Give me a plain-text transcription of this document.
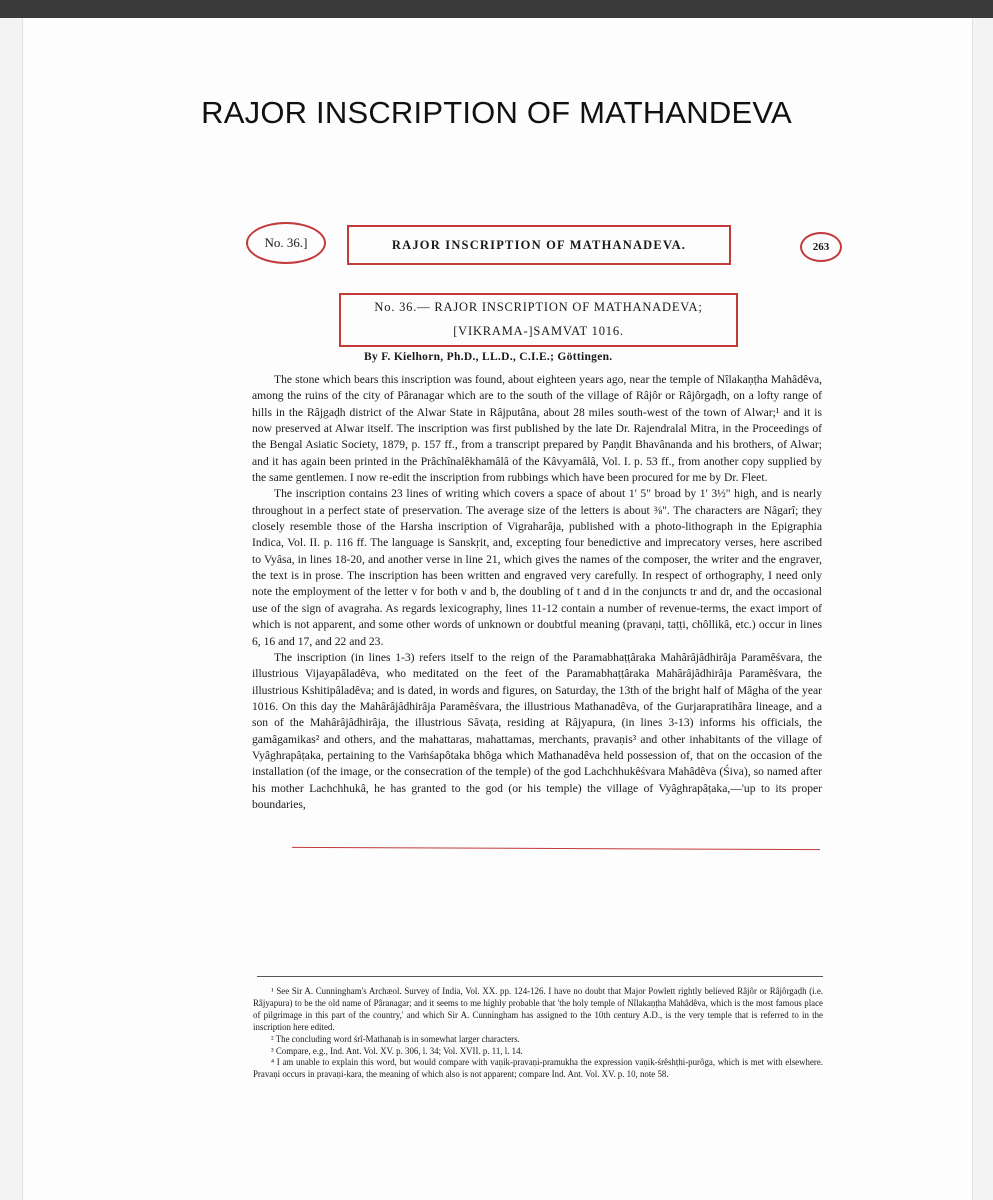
RAJOR INSCRIPTION OF MATHANDEVA
No. 36.]	RAJOR INSCRIPTION OF MATHANADEVA.	263
No. 36.— RAJOR INSCRIPTION OF MATHANADEVA;
[VIKRAMA-]SAMVAT 1016.
By F. Kielhorn, Ph.D., LL.D., C.I.E.; Göttingen.

The stone which bears this inscription was found, about eighteen years ago, near the temple of Nîlakaṇṭha Mahâdêva, among the ruins of the city of Pâranagar which are to the south of the village of Râjôr or Râjôrgaḍh, on a lofty range of hills in the Râjgaḍh district of the Alwar State in Râjputâna, about 28 miles south-west of the town of Alwar;¹ and it is now preserved at Alwar itself. The inscription was first published by the late Dr. Rajendralal Mitra, in the Proceedings of the Bengal Asiatic Society, 1879, p. 157 ff., from a transcript prepared by Paṇḍit Bhavânanda and his brothers, of Alwar; and it has again been printed in the Prâchînalêkhamâlâ of the Kâvyamâlâ, Vol. I. p. 53 ff., from another copy supplied by the same gentlemen. I now re-edit the inscription from rubbings which have been procured for me by Dr. Fleet.

The inscription contains 23 lines of writing which covers a space of about 1' 5" broad by 1' 3½" high, and is nearly throughout in a perfect state of preservation. The average size of the letters is about ⅜". The characters are Nâgarî; they closely resemble those of the Harsha inscription of Vigraharâja, published with a photo-lithograph in the Epigraphia Indica, Vol. II. p. 116 ff. The language is Sanskṛit, and, excepting four benedictive and imprecatory verses, here ascribed to Vyâsa, in lines 18-20, and another verse in line 21, which gives the names of the composer, the writer and the engraver, the text is in prose. The inscription has been written and engraved very carefully. In respect of orthography, I need only note the employment of the letter v for both v and b, the doubling of t and d in the conjuncts tr and dr, and the occasional use of the sign of avagraha. As regards lexicography, lines 11-12 contain a number of revenue-terms, the exact import of which is not apparent, and some other words of unknown or doubtful meaning (pravaṇi, taṭṭi, chôllikâ, etc.) occur in lines 6, 16 and 17, and 22 and 23.

The inscription (in lines 1-3) refers itself to the reign of the Paramabhaṭṭâraka Mahârâjâdhirâja Paramêśvara, the illustrious Vijayapâladêva, who meditated on the feet of the Paramabhaṭṭâraka Mahârâjâdhirâja Paramêśvara, the illustrious Kshitipâladêva; and is dated, in words and figures, on Saturday, the 13th of the bright half of Mâgha of the year 1016. On this day the Mahârâjâdhirâja Paramêśvara, the illustrious Mathanadêva, of the Gurjarapratihâra lineage, and a son of the Mahârâjâdhirâja, the illustrious Sâvaṭa, residing at Râjyapura, (in lines 3-13) informs his officials, the gamâgamikas² and others, and the mahattaras, mahattamas, merchants, pravaṇis³ and other inhabitants of the village of Vyâghrapâṭaka, pertaining to the Vaṁśapôtaka bhôga which Mathanadêva held possession of, that on the occasion of the installation (of the image, or the consecration of the temple) of the god Lachchhukêśvara Mahâdêva (Śiva), so named after his mother Lachchhukâ, he has granted to the god (or his temple) the village of Vyâghrapâṭaka,—'up to its proper boundaries,

¹ See Sir A. Cunningham's Archæol. Survey of India, Vol. XX. pp. 124-126. I have no doubt that Major Powlett rightly believed Râjôr or Râjôrgaḍh (i.e. Râjyapura) to be the old name of Pâranagar; and it seems to me highly probable that 'the holy temple of Nîlakaṇṭha Mahâdêva, which is the most famous place of pilgrimage in this part of the country,' and which Sir A. Cunningham has assigned to the 10th century A.D., is the very temple that is referred to in the inscription here edited.

² The concluding word śrî-Mathanaḥ is in somewhat larger characters.

³ Compare, e.g., Ind. Ant. Vol. XV. p. 306, l. 34; Vol. XVII. p. 11, l. 14.

⁴ I am unable to explain this word, but would compare with vaṇik-pravaṇi-pramukha the expression vaṇik-śrêshṭhi-purôga, which is met with elsewhere. Pravaṇi occurs in pravaṇi-kara, the meaning of which also is not apparent; compare Ind. Ant. Vol. XV. p. 10, note 58.
